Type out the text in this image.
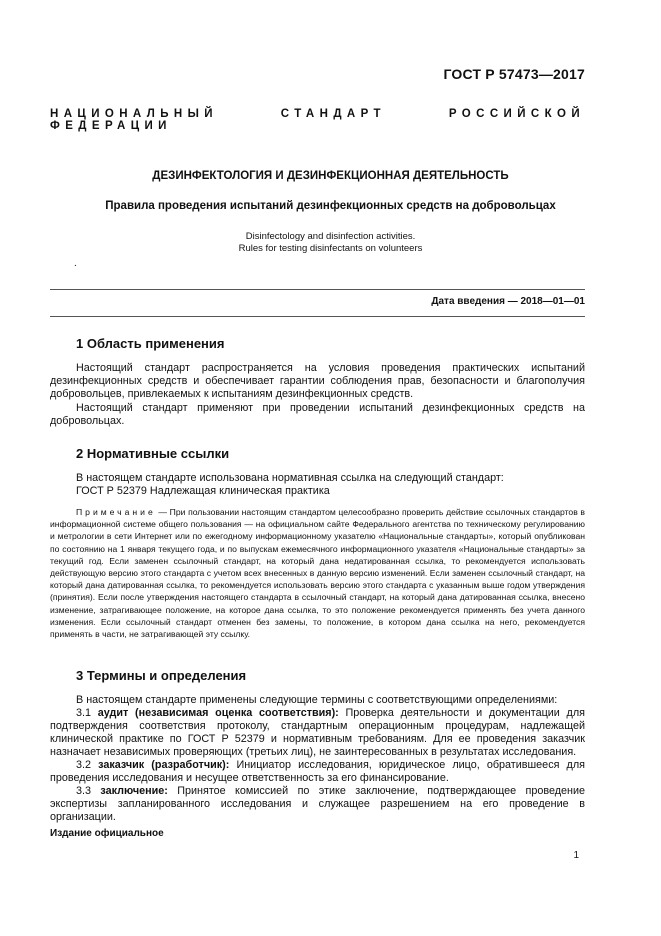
ГОСТ Р 57473—2017
НАЦИОНАЛЬНЫЙ СТАНДАРТ РОССИЙСКОЙ ФЕДЕРАЦИИ
ДЕЗИНФЕКТОЛОГИЯ И ДЕЗИНФЕКЦИОННАЯ ДЕЯТЕЛЬНОСТЬ
Правила проведения испытаний дезинфекционных средств на добровольцах
Disinfectology and disinfection activities.
Rules for testing disinfectants on volunteers
.
Дата введения — 2018—01—01
1 Область применения
Настоящий стандарт распространяется на условия проведения практических испытаний дезинфекционных средств и обеспечивает гарантии соблюдения прав, безопасности и благополучия добровольцев, привлекаемых к испытаниям дезинфекционных средств.
Настоящий стандарт применяют при проведении испытаний дезинфекционных средств на добровольцах.
2 Нормативные ссылки
В настоящем стандарте использована нормативная ссылка на следующий стандарт:
ГОСТ Р 52379 Надлежащая клиническая практика
Примечание — При пользовании настоящим стандартом целесообразно проверить действие ссылочных стандартов в информационной системе общего пользования — на официальном сайте Федерального агентства по техническому регулированию и метрологии в сети Интернет или по ежегодному информационному указателю «Национальные стандарты», который опубликован по состоянию на 1 января текущего года, и по выпускам ежемесячного информационного указателя «Национальные стандарты» за текущий год. Если заменен ссылочный стандарт, на который дана недатированная ссылка, то рекомендуется использовать действующую версию этого стандарта с учетом всех внесенных в данную версию изменений. Если заменен ссылочный стандарт, на который дана датированная ссылка, то рекомендуется использовать версию этого стандарта с указанным выше годом утверждения (принятия). Если после утверждения настоящего стандарта в ссылочный стандарт, на который дана датированная ссылка, внесено изменение, затрагивающее положение, на которое дана ссылка, то это положение рекомендуется применять без учета данного изменения. Если ссылочный стандарт отменен без замены, то положение, в котором дана ссылка на него, рекомендуется применять в части, не затрагивающей эту ссылку.
3 Термины и определения
В настоящем стандарте применены следующие термины с соответствующими определениями:
3.1 аудит (независимая оценка соответствия): Проверка деятельности и документации для подтверждения соответствия протоколу, стандартным операционным процедурам, надлежащей клинической практике по ГОСТ Р 52379 и нормативным требованиям. Для ее проведения заказчик назначает независимых проверяющих (третьих лиц), не заинтересованных в результатах исследования.
3.2 заказчик (разработчик): Инициатор исследования, юридическое лицо, обратившееся для проведения исследования и несущее ответственность за его финансирование.
3.3 заключение: Принятое комиссией по этике заключение, подтверждающее проведение экспертизы запланированного исследования и служащее разрешением на его проведение в организации.
Издание официальное
1
